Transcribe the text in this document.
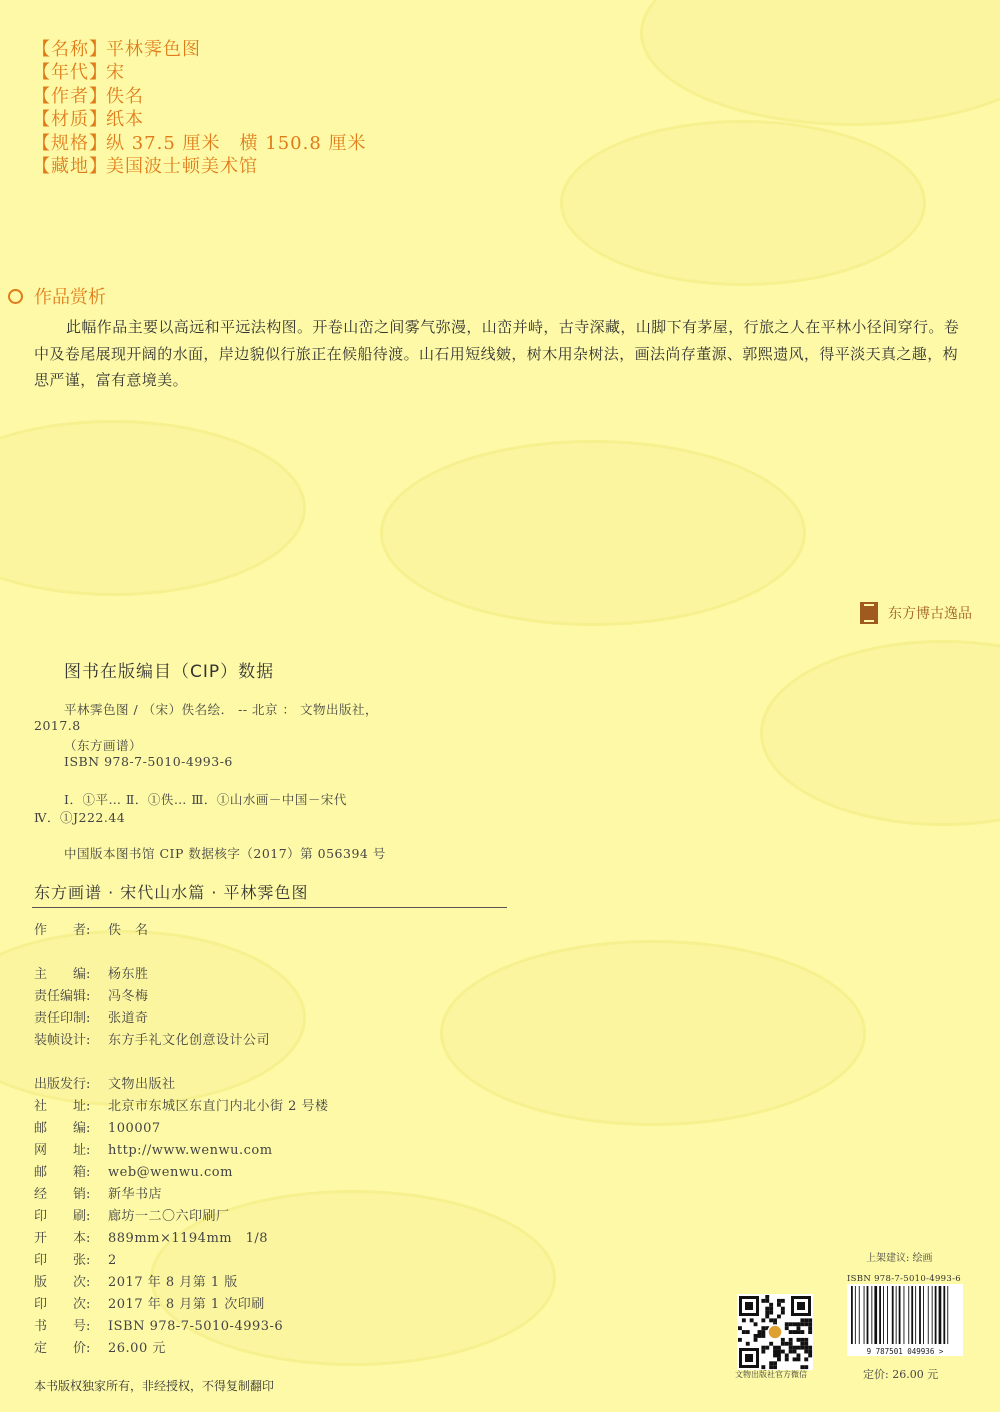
【名称】
平林霁色图
【年代】
宋
【作者】
佚名
【材质】
纸本
【规格】
纵 37.5 厘米　横 150.8 厘米
【藏地】
美国波士顿美术馆
作品赏析
此幅作品主要以高远和平远法构图。开卷山峦之间雾气弥漫，山峦并峙，古寺深藏，山脚下有茅屋，行旅之人在平林小径间穿行。卷中及卷尾展现开阔的水面，岸边貌似行旅正在候船待渡。山石用短线皴，树木用杂树法，画法尚存董源、郭熙遗风，得平淡天真之趣，构思严谨，富有意境美。
东方博古逸品
图书在版编目（CIP）数据
平林霁色图 / （宋）佚名绘． -- 北京 ： 文物出版社，
2017.8
（东方画谱）
ISBN 978-7-5010-4993-6
Ⅰ．①平… Ⅱ．①佚… Ⅲ．①山水画－中国－宋代
Ⅳ．①J222.44
中国版本图书馆 CIP 数据核字（2017）第 056394 号
东方画谱 · 宋代山水篇 · 平林霁色图
作　　者: 佚　名
主　　编: 杨东胜
责任编辑: 冯冬梅
责任印制: 张道奇
装帧设计: 东方手礼文化创意设计公司
出版发行: 文物出版社
社　　址: 北京市东城区东直门内北小街 2 号楼
邮　　编: 100007
网　　址: http://www.wenwu.com
邮　　箱: web@wenwu.com
经　　销: 新华书店
印　　刷: 廊坊一二〇六印刷厂
开　　本: 889mm×1194mm　1/8
印　　张: 2
版　　次: 2017 年 8 月第 1 版
印　　次: 2017 年 8 月第 1 次印刷
书　　号: ISBN 978-7-5010-4993-6
定　　价: 26.00 元
本书版权独家所有，非经授权，不得复制翻印
上架建议: 绘画
文物出版社官方微信
ISBN 978-7-5010-4993-6
9 787501 049936 >
定价: 26.00 元
